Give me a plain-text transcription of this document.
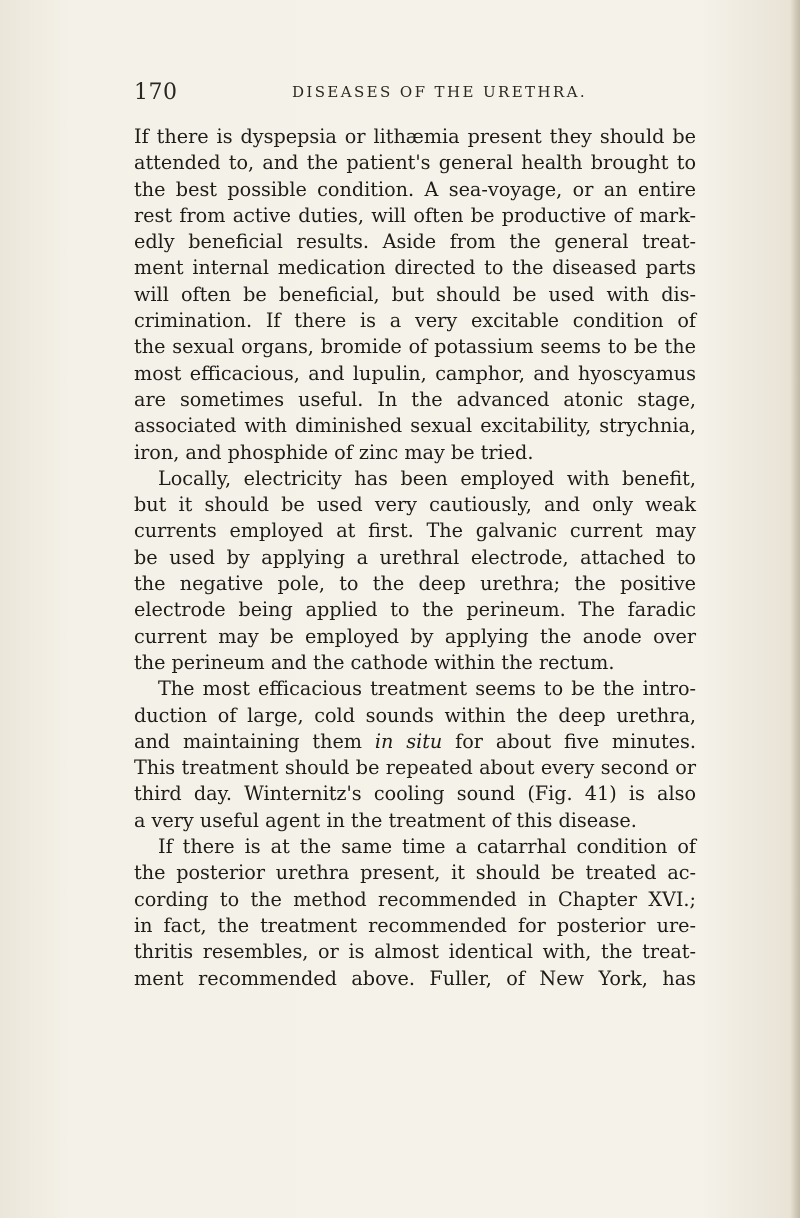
170	DISEASES OF THE URETHRA.
If there is dyspepsia or lithæmia present they should be
attended to, and the patient's general health brought to
the best possible condition. A sea-voyage, or an entire
rest from active duties, will often be productive of mark-
edly beneficial results. Aside from the general treat-
ment internal medication directed to the diseased parts
will often be beneficial, but should be used with dis-
crimination. If there is a very excitable condition of
the sexual organs, bromide of potassium seems to be the
most efficacious, and lupulin, camphor, and hyoscyamus
are sometimes useful. In the advanced atonic stage,
associated with diminished sexual excitability, strychnia,
iron, and phosphide of zinc may be tried.
Locally, electricity has been employed with benefit,
but it should be used very cautiously, and only weak
currents employed at first. The galvanic current may
be used by applying a urethral electrode, attached to
the negative pole, to the deep urethra; the positive
electrode being applied to the perineum. The faradic
current may be employed by applying the anode over
the perineum and the cathode within the rectum.
The most efficacious treatment seems to be the intro-
duction of large, cold sounds within the deep urethra,
and maintaining them in situ for about five minutes.
This treatment should be repeated about every second or
third day. Winternitz's cooling sound (Fig. 41) is also
a very useful agent in the treatment of this disease.
If there is at the same time a catarrhal condition of
the posterior urethra present, it should be treated ac-
cording to the method recommended in Chapter XVI.;
in fact, the treatment recommended for posterior ure-
thritis resembles, or is almost identical with, the treat-
ment recommended above. Fuller, of New York, has
